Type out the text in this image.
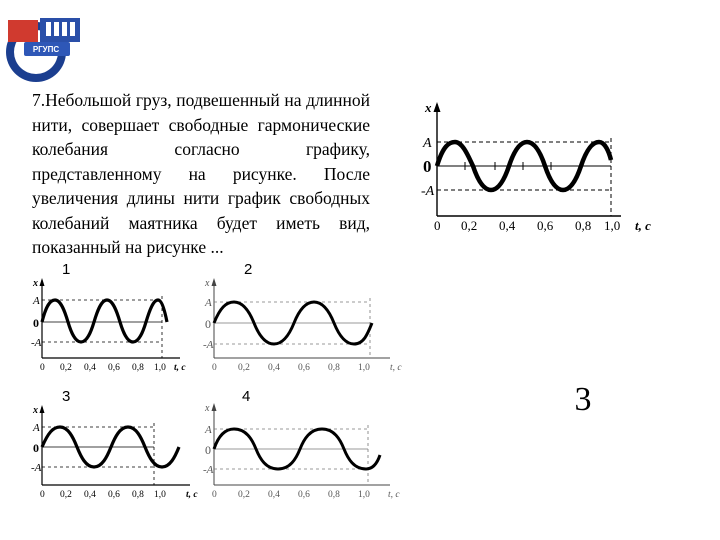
РГУПС
7.Небольшой груз, подвешенный на длинной нити, совершает свободные гармонические колебания согласно графику, представленному на рисунке. После увеличения длины нити график свободных колебаний маятника будет иметь вид, показанный на рисунке ...
x
A
0
-A
0 0,2 0,4 0,6 0,8 1,0 t, c
1
x
A
0
-A
0 0,2 0,4 0,6 0,8 1,0 t, c
2
x
A
0
-A
0 0,2 0,4 0,6 0,8 1,0 t, c
3
x
A
0
-A
0 0,2 0,4 0,6 0,8 1,0 t, c
4
x
A
0
-A
0 0,2 0,4 0,6 0,8 1,0 t, c
3
